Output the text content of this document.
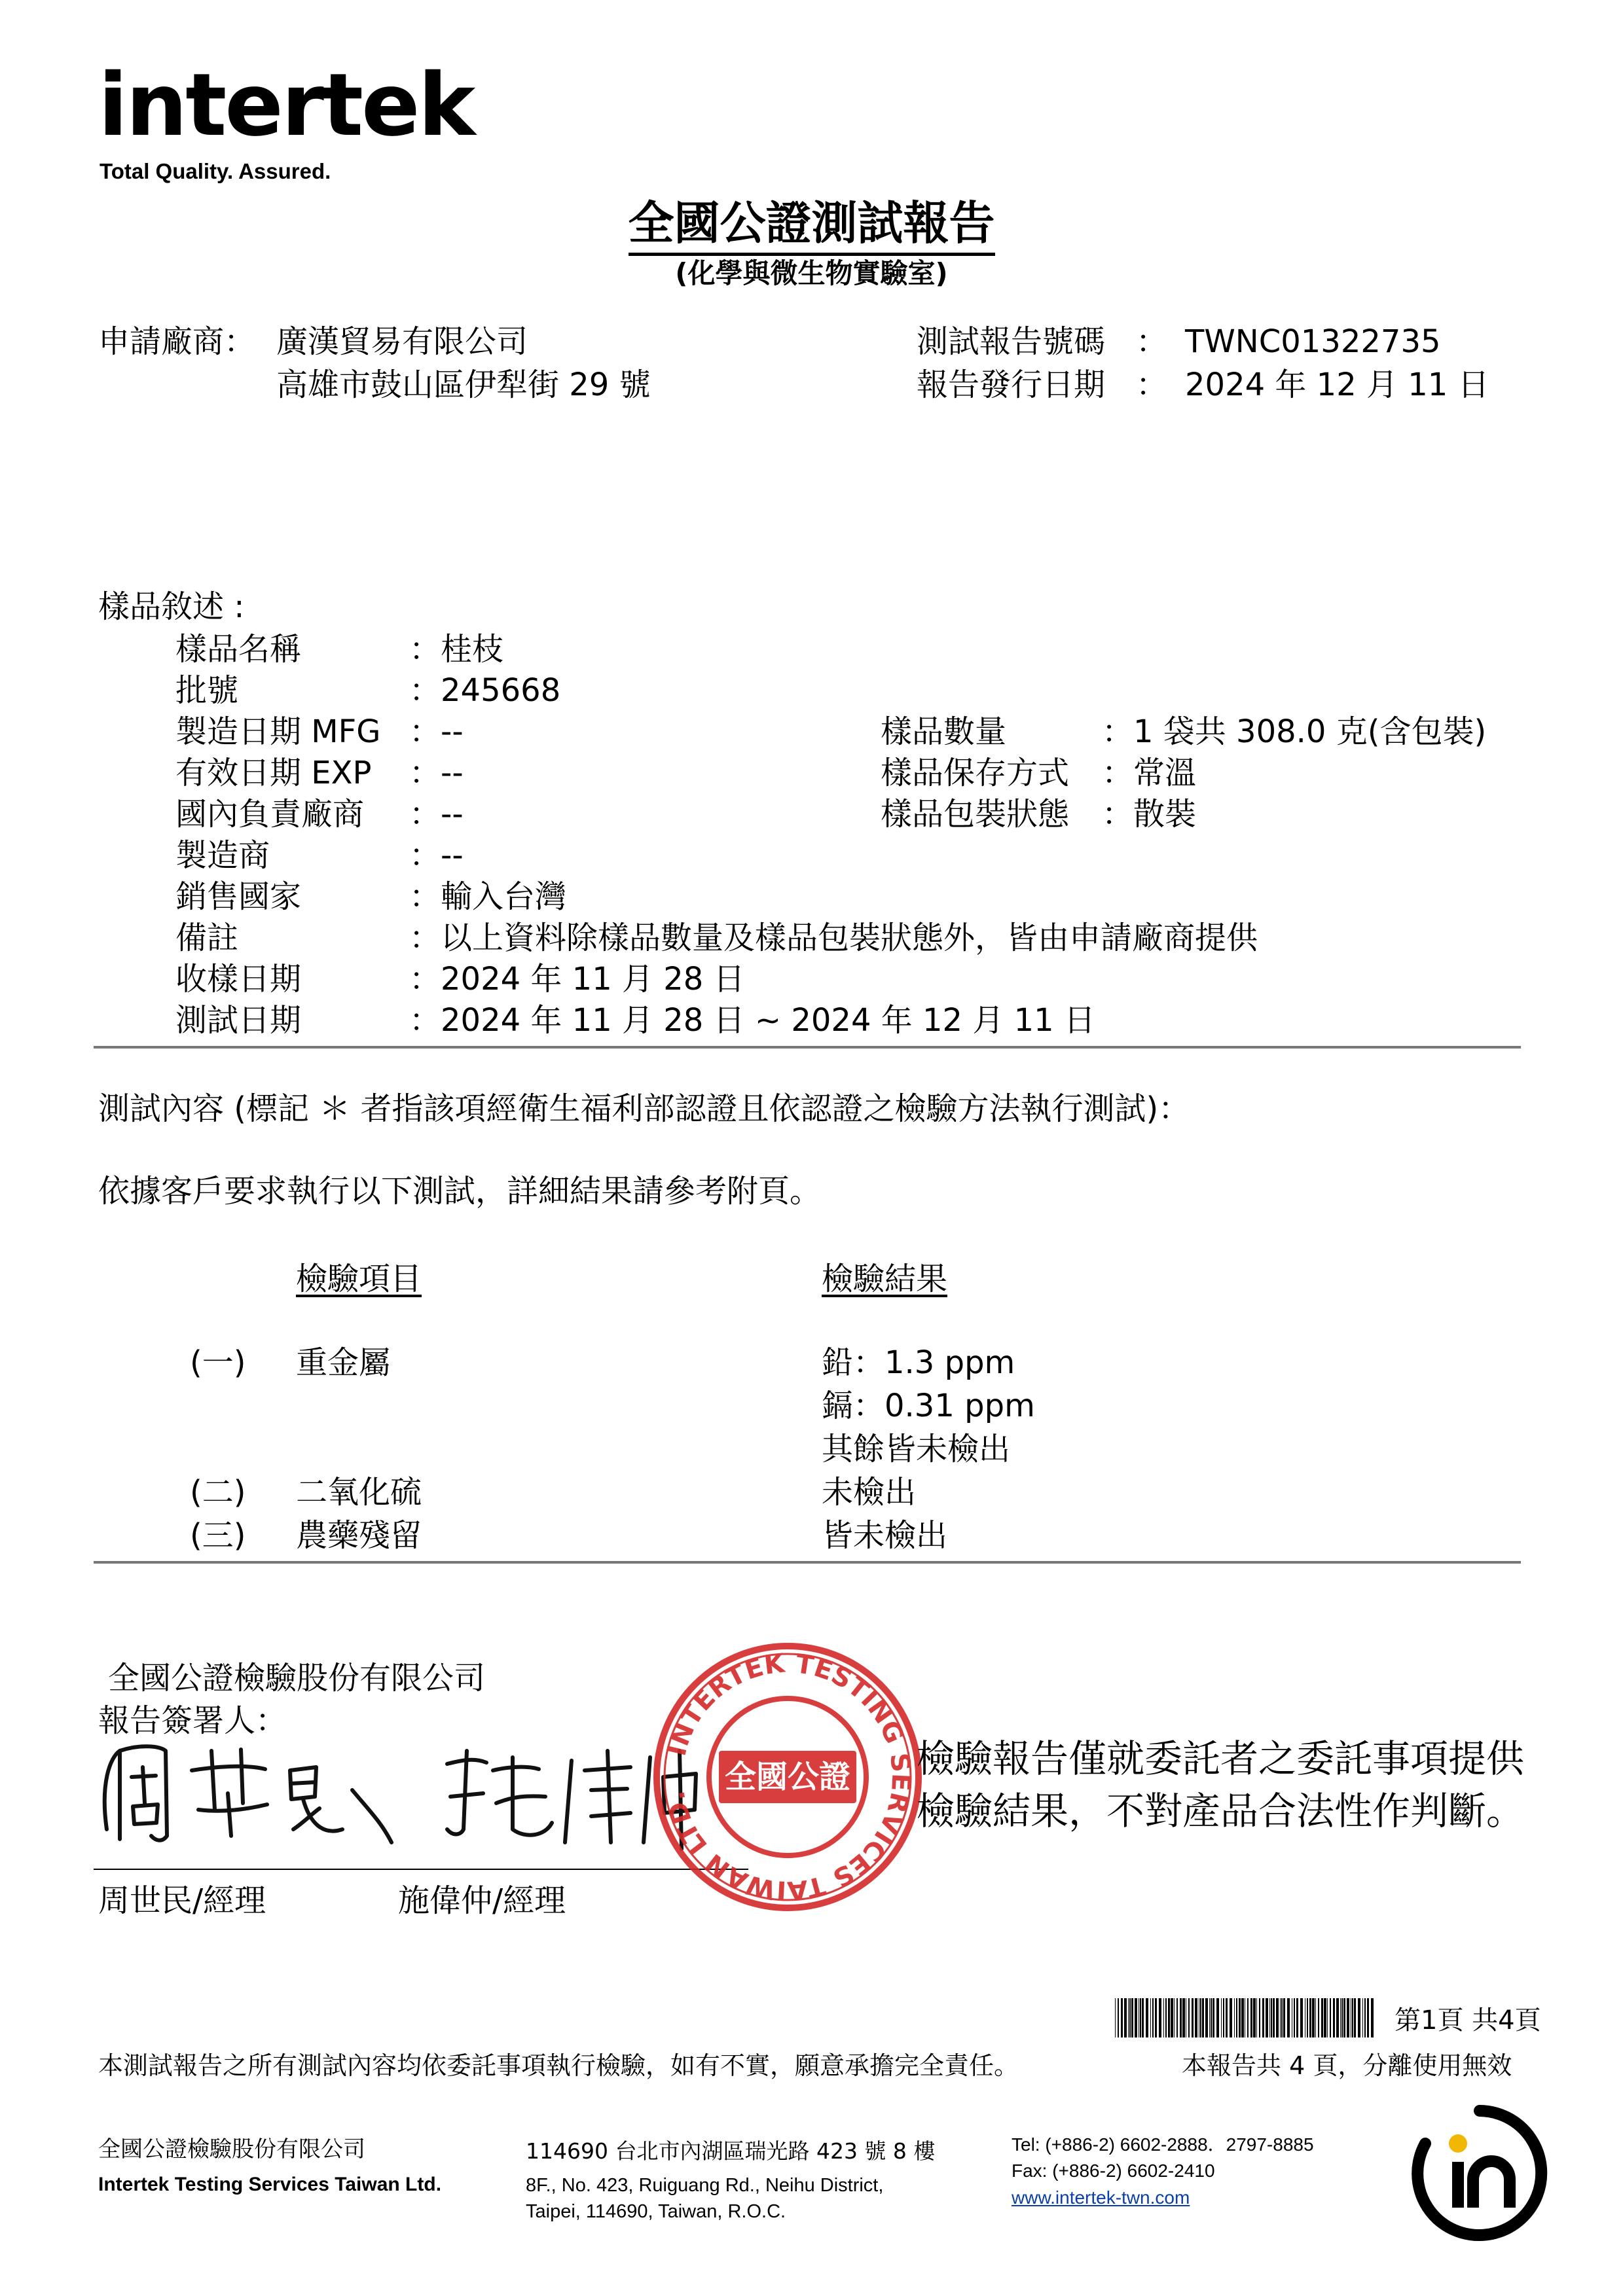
intertek
Total Quality. Assured.
全國公證測試報告
(化學與微生物實驗室)
申請廠商： 廣漢貿易有限公司
高雄市鼓山區伊犁街 29 號
測試報告號碼 ： TWNC01322735
報告發行日期 ： 2024 年 12 月 11 日
樣品敘述 :
樣品名稱	：桂枝
批號	：245668
製造日期 MFG ：--
有效日期 EXP ：--
國內負責廠商 ：--
製造商	：--
銷售國家	：輸入台灣
備註	：以上資料除樣品數量及樣品包裝狀態外，皆由申請廠商提供
收樣日期	：2024 年 11 月 28 日
測試日期	：2024 年 11 月 28 日 ~ 2024 年 12 月 11 日
樣品數量	：1 袋共 308.0 克(含包裝)
樣品保存方式 ：常溫
樣品包裝狀態 ：散裝
測試內容 (標記 ＊ 者指該項經衛生福利部認證且依認證之檢驗方法執行測試)：
依據客戶要求執行以下測試，詳細結果請參考附頁。
檢驗項目	檢驗結果
(一) 重金屬	鉛：1.3 ppm
鎘：0.31 ppm
其餘皆未檢出
(二) 二氧化硫	未檢出
(三) 農藥殘留	皆未檢出
全國公證檢驗股份有限公司
報告簽署人：
周世民/經理	施偉仲/經理
INTERTEK TESTING SERVICES TAIWAN LTD.
全國公證 檢驗報告僅就委託者之委託事項提供
檢驗結果，不對產品合法性作判斷。
第1頁 共4頁
本測試報告之所有測試內容均依委託事項執行檢驗，如有不實，願意承擔完全責任。	本報告共 4 頁，分離使用無效
全國公證檢驗股份有限公司
Intertek Testing Services Taiwan Ltd.
114690 台北市內湖區瑞光路 423 號 8 樓
8F., No. 423, Ruiguang Rd., Neihu District,
Taipei, 114690, Taiwan, R.O.C.
Tel: (+886-2) 6602-2888．2797-8885
Fax: (+886-2) 6602-2410
www.intertek-twn.com
